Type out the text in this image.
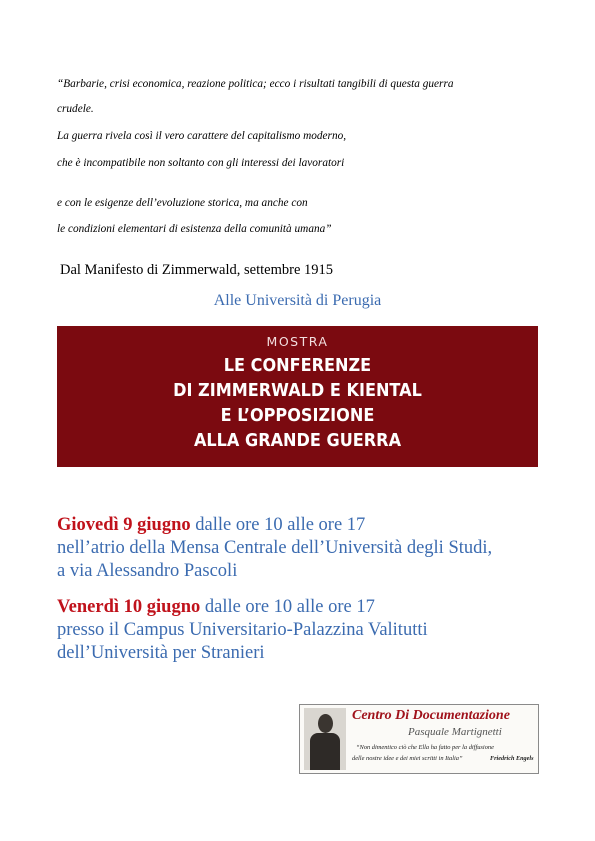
“Barbarie, crisi economica, reazione politica; ecco i risultati tangibili di questa guerra
crudele.
La guerra rivela così il vero carattere del capitalismo moderno,
che è incompatibile non soltanto con gli interessi dei lavoratori
e con le esigenze dell’evoluzione storica, ma anche con
le condizioni elementari di esistenza della comunità umana”
Dal Manifesto di Zimmerwald, settembre 1915
Alle Università di Perugia
MOSTRA
LE CONFERENZE
DI ZIMMERWALD E KIENTAL
E L’OPPOSIZIONE
ALLA GRANDE GUERRA
Giovedì 9 giugno dalle ore 10 alle ore 17
nell’atrio della Mensa Centrale dell’Università degli Studi,
a via Alessandro Pascoli
Venerdì 10 giugno dalle ore 10 alle ore 17
presso il Campus Universitario-Palazzina Valitutti
dell’Università per Stranieri
Centro Di Documentazione
Pasquale Martignetti
“Non dimentico ciò che Ella ha fatto per la diffusione
delle nostre idee e dei miei scritti in Italia”	Friedrich Engels
